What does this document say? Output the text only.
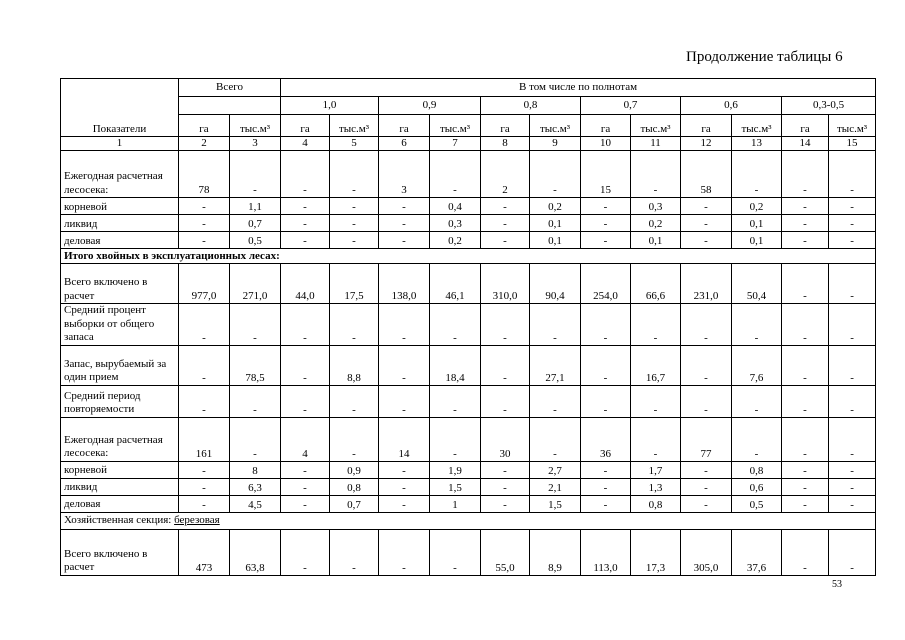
Продолжение таблицы 6
Показатели	Всего		В том числе по полнотам											
			1,0		0,9		0,8		0,7		0,6		0,3-0,5	
	га	тыс.м³	га	тыс.м³	га	тыс.м³	га	тыс.м³	га	тыс.м³	га	тыс.м³	га	тыс.м³
1	2	3	4	5	6	7	8	9	10	11	12	13	14	15
Ежегодная расчетная лесосека:	78	-	-	-	3	-	2	-	15	-	58	-	-	-
корневой	-	1,1	-	-	-	0,4	-	0,2	-	0,3	-	0,2	-	-
ликвид	-	0,7	-	-	-	0,3	-	0,1	-	0,2	-	0,1	-	-
деловая	-	0,5	-	-	-	0,2	-	0,1	-	0,1	-	0,1	-	-
Итого хвойных в эксплуатационных лесах:														
Всего включено в расчет	977,0	271,0	44,0	17,5	138,0	46,1	310,0	90,4	254,0	66,6	231,0	50,4	-	-
Средний процент выборки от общего запаса	-	-	-	-	-	-	-	-	-	-	-	-	-	-
Запас, вырубаемый за один прием	-	78,5	-	8,8	-	18,4	-	27,1	-	16,7	-	7,6	-	-
Средний период повторяемости	-	-	-	-	-	-	-	-	-	-	-	-	-	-
Ежегодная расчетная лесосека:	161	-	4	-	14	-	30	-	36	-	77	-	-	-
корневой	-	8	-	0,9	-	1,9	-	2,7	-	1,7	-	0,8	-	-
ликвид	-	6,3	-	0,8	-	1,5	-	2,1	-	1,3	-	0,6	-	-
деловая	-	4,5	-	0,7	-	1	-	1,5	-	0,8	-	0,5	-	-
Хозяйственная секция: березовая														
Всего включено в расчет	473	63,8	-	-	-	-	55,0	8,9	113,0	17,3	305,0	37,6	-	-
53
